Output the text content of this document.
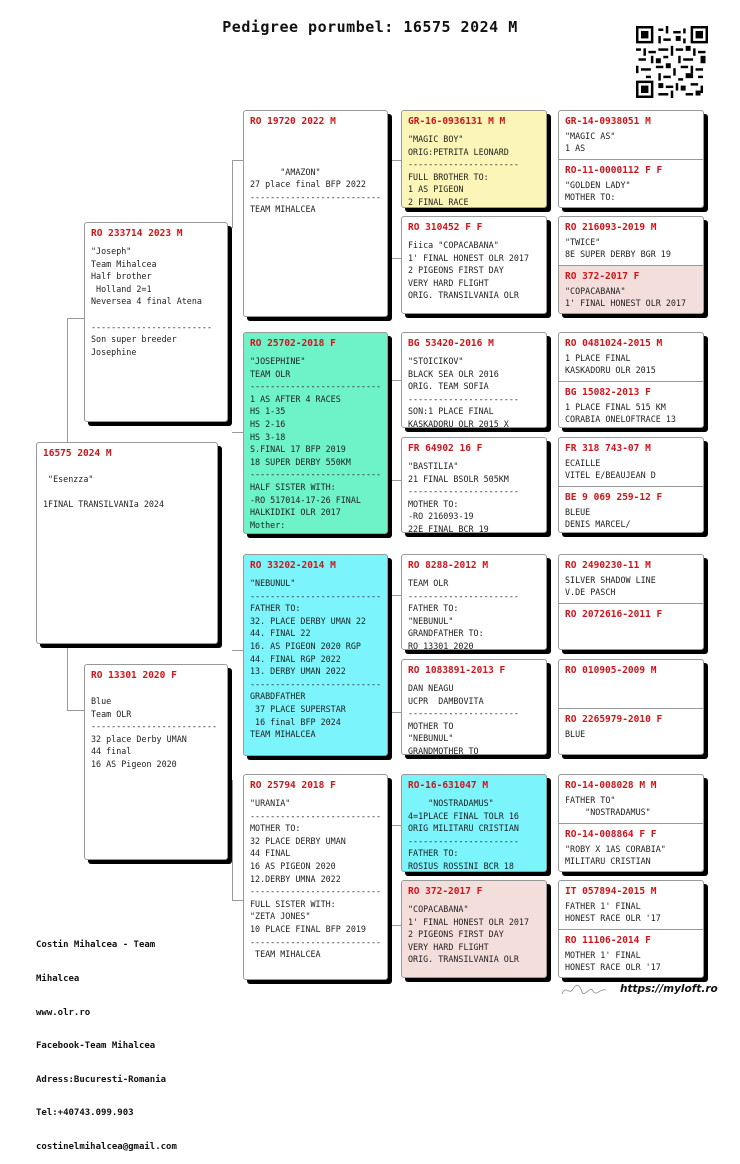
Pedigree porumbel: 16575 2024 M
16575 2024 M
"Esenzza"

1FINAL TRANSILVANIa 2024
RO 233714 2023 M
"Joseph"
Team Mihalcea
Half brother
Holland 2=1
Neversea 4 final Atena

------------------------
Son super breeder
Josephine
RO 13301 2020 F
Blue
Team OLR
-------------------------
32 place Derby UMAN
44 final
16 AS Pigeon 2020
RO 19720 2022 M

"AMAZON"
27 place final BFP 2022
--------------------------
TEAM MIHALCEA
RO 25702-2018 F
"JOSEPHINE"
TEAM OLR
--------------------------
1 AS AFTER 4 RACES
HS 1-35
HS 2-16
HS 3-18
S.FINAL 17 BFP 2019
18 SUPER DERBY 550KM
--------------------------
HALF SISTER WITH:
-RO 517014-17-26 FINAL
HALKIDIKI OLR 2017
Mother:
RO 33202-2014 M
"NEBUNUL"
--------------------------
FATHER TO:
32. PLACE DERBY UMAN 22
44. FINAL 22
16. AS PIGEON 2020 RGP
44. FINAL RGP 2022
13. DERBY UMAN 2022
--------------------------
GRABDFATHER
37 PLACE SUPERSTAR
16 final BFP 2024
TEAM MIHALCEA
RO 25794 2018 F
"URANIA"
--------------------------
MOTHER TO:
32 PLACE DERBY UMAN
44 FINAL
16 AS PIGEON 2020
12.DERBY UMNA 2022
--------------------------
FULL SISTER WITH:
"ZETA JONES"
10 PLACE FINAL BFP 2019
--------------------------
TEAM MIHALCEA
GR-16-0936131 M M
"MAGIC BOY"
ORIG:PETRITA LEONARD
----------------------
FULL BROTHER TO:
1 AS PIGEON
2 FINAL RACE
RO 310452 F F
Fiica "COPACABANA"
1' FINAL HONEST OLR 2017
2 PIGEONS FIRST DAY
VERY HARD FLIGHT
ORIG. TRANSILVANIA OLR
BG 53420-2016 M
"STOICIKOV"
BLACK SEA OLR 2016
ORIG. TEAM SOFIA
----------------------
SON:1 PLACE FINAL
KASKADORU OLR 2015 X
FR 64902 16 F
"BASTILIA"
21 FINAL BSOLR 505KM
----------------------
MOTHER TO:
-RO 216093-19
22E FINAL BCR 19
RO 8288-2012 M
TEAM OLR
----------------------
FATHER TO:
"NEBUNUL"
GRANDFATHER TO:
RO 13301 2020
RO 1083891-2013 F
DAN NEAGU
UCPR  DAMBOVITA
----------------------
MOTHER TO
"NEBUNUL"
GRANDMOTHER TO
RO-16-631047 M
"NOSTRADAMUS"
4=1PLACE FINAL TOLR 16
ORIG MILITARU CRISTIAN
----------------------
FATHER TO:
ROSIUS ROSSINI BCR 18
RO 372-2017 F
"COPACABANA"
1' FINAL HONEST OLR 2017
2 PIGEONS FIRST DAY
VERY HARD FLIGHT
ORIG. TRANSILVANIA OLR
GR-14-0938051 M
"MAGIC AS"
1 AS
RO-11-0000112 F F
"GOLDEN LADY"
MOTHER TO:
RO 216093-2019 M
"TWICE"
8E SUPER DERBY BGR 19
RO 372-2017 F
"COPACABANA"
1' FINAL HONEST OLR 2017
RO 0481024-2015 M
1 PLACE FINAL
KASKADORU OLR 2015
BG 15082-2013 F
1 PLACE FINAL 515 KM
CORABIA ONELOFTRACE 13
FR 318 743-07 M
ECAILLE
VITEL E/BEAUJEAN D
BE 9 069 259-12 F
BLEUE
DENIS MARCEL/
RO 2490230-11 M
SILVER SHADOW LINE
V.DE PASCH
RO 2072616-2011 F
RO 010905-2009 M
RO 2265979-2010 F
BLUE
RO-14-008028 M M
FATHER TO"
"NOSTRADAMUS"
RO-14-008864 F F
"ROBY X 1AS CORABIA"
MILITARU CRISTIAN
IT 057894-2015 M
FATHER 1' FINAL
HONEST RACE OLR '17
RO 11106-2014 F
MOTHER 1' FINAL
HONEST RACE OLR '17

Costin Mihalcea - Team

Mihalcea

www.olr.ro

Facebook-Team Mihalcea

Adress:Bucuresti-Romania

Tel:+40743.099.903

costinelmihalcea@gmail.com

https://myloft.ro
